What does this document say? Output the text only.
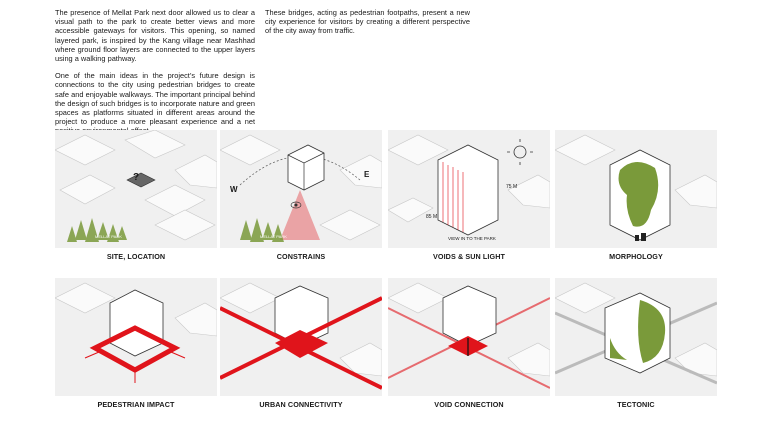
The presence of Mellat Park next door allowed us to clear a visual path to the park to create better views and more accessible gateways for visitors. This opening, so named layered park, is inspired by the Kang village near Mashhad where ground floor layers are connected to the upper layers using a walking pathway.

One of the main ideas in the project’s future design is connections to the city using pedestrian bridges to create safe and enjoyable walkways. The important principal behind the design of such bridges is to incorporate nature and green spaces as platforms situated in different areas around the project to produce a more pleasant experience and a net

These bridges, acting as pedestrian footpaths, present a new city experience for visitors by creating a different perspective of the city away from traffic.

?
MELLAT PARK
SITE, LOCATION
W
E
MELLAT PARK
CONSTRAINS
75 M
85 M
VIEW IN TO THE PARK
VOIDS & SUN LIGHT	MORPHOLOGY
PEDESTRIAN IMPACT	URBAN CONNECTIVITY	VOID CONNECTION	TECTONIC
